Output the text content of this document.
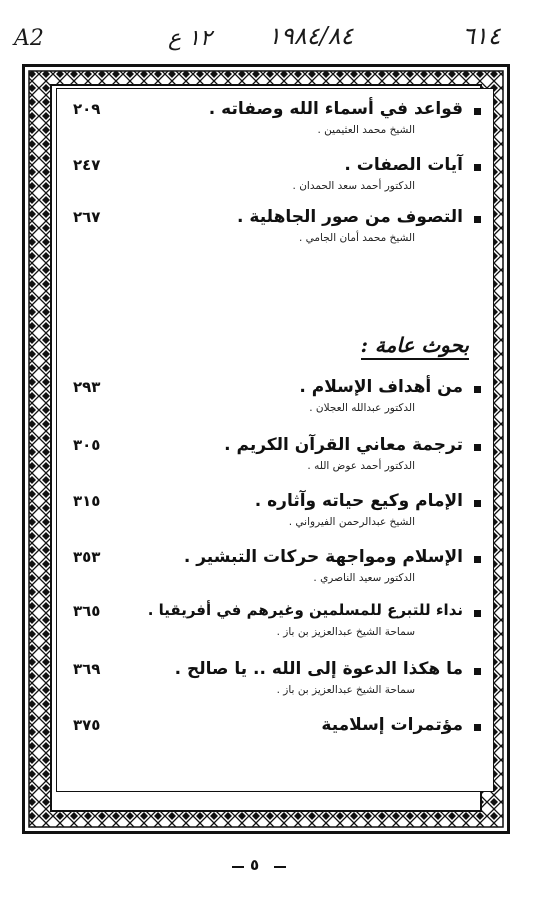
A2	١٢ ع ١٩٨٤/٨٤	٦١٤
قواعد في أسماء الله وصفاته .
الشيخ محمد العثيمين .
٢٠٩
آيات الصفات .
الدكتور أحمد سعد الحمدان .
٢٤٧
التصوف من صور الجاهلية .
الشيخ محمد أمان الجامي .
٢٦٧
بحوث عامة :
من أهداف الإسلام .
الدكتور عبدالله العجلان .
٢٩٣
ترجمة معاني القرآن الكريم .
الدكتور أحمد عوض الله .
٣٠٥
الإمام وكيع حياته وآثاره .
الشيخ عبدالرحمن الفيرواني .
٣١٥
الإسلام ومواجهة حركات التبشير .
الدكتور سعيد الناصري .
٣٥٣
نداء للتبرع للمسلمين وغيرهم في أفريقيا .
سماحة الشيخ عبدالعزيز بن باز .
٣٦٥
ما هكذا الدعوة إلى الله .. يا صالح .
سماحة الشيخ عبدالعزيز بن باز .
٣٦٩
مؤتمرات إسلامية
٣٧٥
٥
